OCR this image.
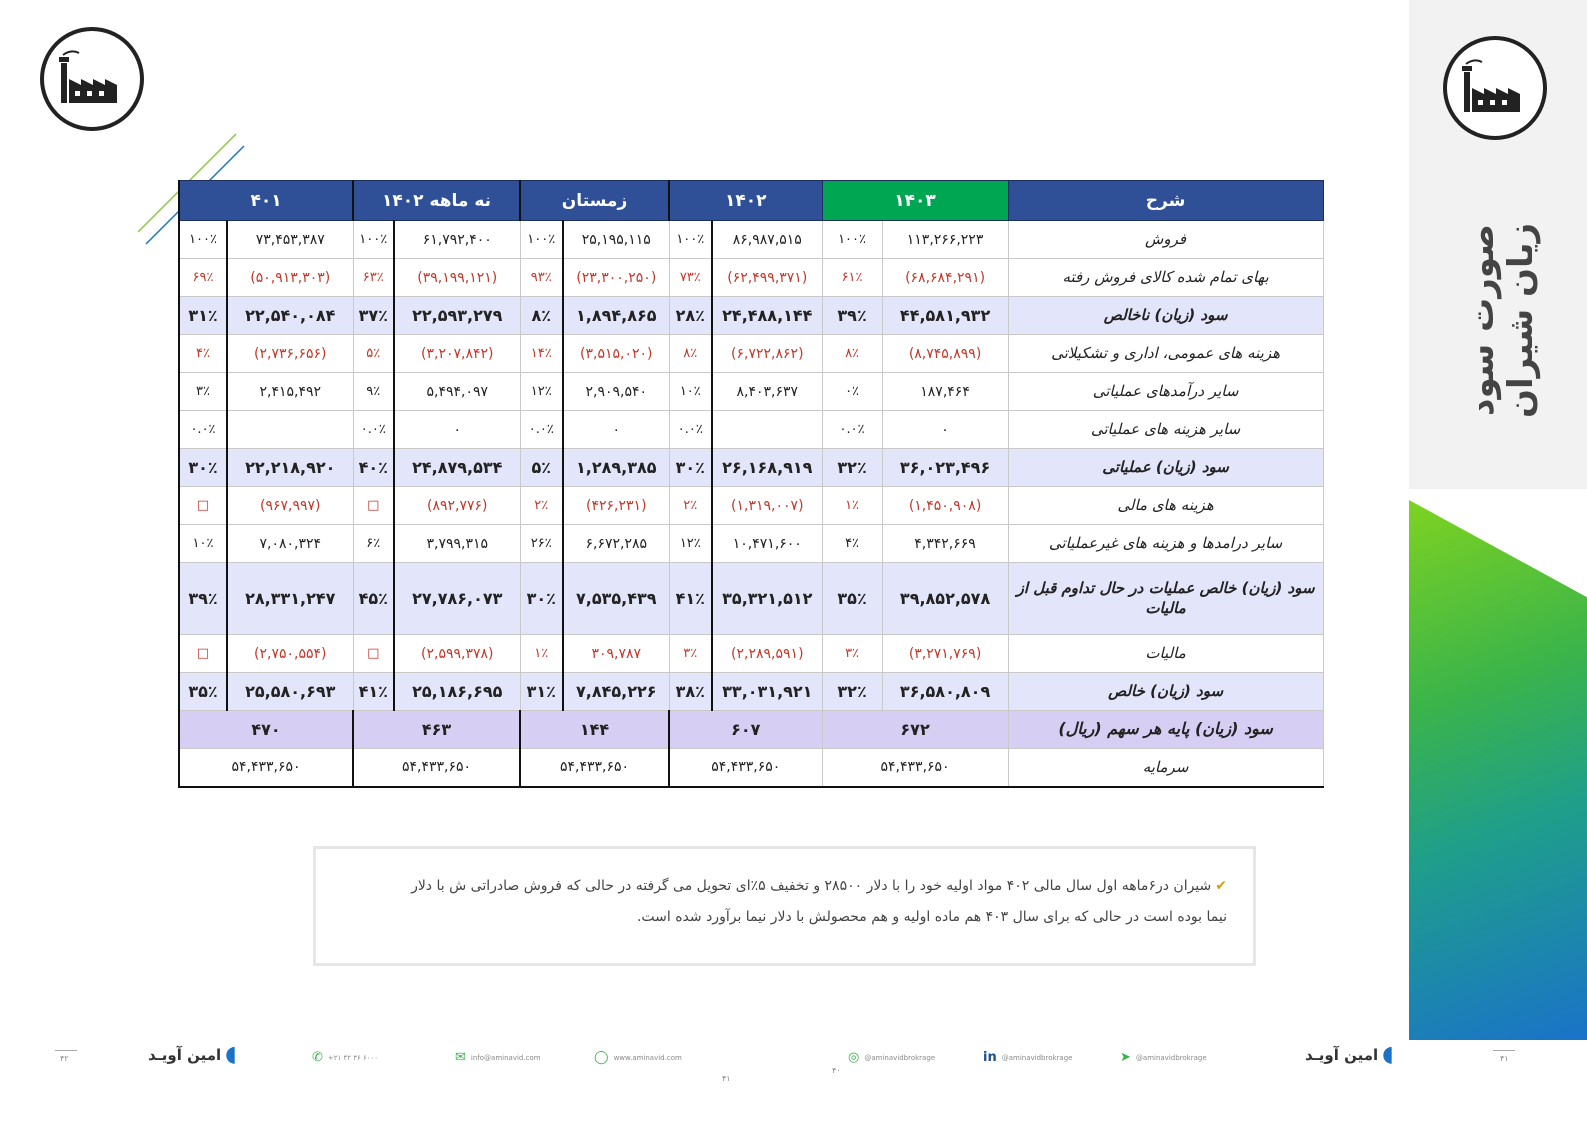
صورت سود زیان شیران
شرح	۱۴۰۳		۱۴۰۲		زمستان		نه ماهه ۱۴۰۲		۴۰۱	
فروش	۱۱۳,۲۶۶,۲۲۳	۱۰۰٪	۸۶,۹۸۷,۵۱۵	۱۰۰٪	۲۵,۱۹۵,۱۱۵	۱۰۰٪	۶۱,۷۹۲,۴۰۰	۱۰۰٪	۷۳,۴۵۳,۳۸۷	۱۰۰٪
بهای تمام شده کالای فروش رفته	(۶۸,۶۸۴,۲۹۱)	۶۱٪	(۶۲,۴۹۹,۳۷۱)	۷۳٪	(۲۳,۳۰۰,۲۵۰)	۹۳٪	(۳۹,۱۹۹,۱۲۱)	۶۳٪	(۵۰,۹۱۳,۳۰۳)	۶۹٪
سود (زیان) ناخالص	۴۴,۵۸۱,۹۳۲	۳۹٪	۲۴,۴۸۸,۱۴۴	۲۸٪	۱,۸۹۴,۸۶۵	۸٪	۲۲,۵۹۳,۲۷۹	۳۷٪	۲۲,۵۴۰,۰۸۴	۳۱٪
هزینه های عمومی، اداری و تشکیلاتی	(۸,۷۴۵,۸۹۹)	۸٪	(۶,۷۲۲,۸۶۲)	۸٪	(۳,۵۱۵,۰۲۰)	۱۴٪	(۳,۲۰۷,۸۴۲)	۵٪	(۲,۷۳۶,۶۵۶)	۴٪
سایر درآمدهای عملیاتی	۱۸۷,۴۶۴	۰٪	۸,۴۰۳,۶۳۷	۱۰٪	۲,۹۰۹,۵۴۰	۱۲٪	۵,۴۹۴,۰۹۷	۹٪	۲,۴۱۵,۴۹۲	۳٪
سایر هزینه های عملیاتی	۰	۰.۰٪		۰.۰٪	۰	۰.۰٪	۰	۰.۰٪		۰.۰٪
سود (زیان) عملیاتی	۳۶,۰۲۳,۴۹۶	۳۲٪	۲۶,۱۶۸,۹۱۹	۳۰٪	۱,۲۸۹,۳۸۵	۵٪	۲۴,۸۷۹,۵۳۴	۴۰٪	۲۲,۲۱۸,۹۲۰	۳۰٪
هزینه های مالی	(۱,۴۵۰,۹۰۸)	۱٪	(۱,۳۱۹,۰۰۷)	۲٪	(۴۲۶,۲۳۱)	۲٪	(۸۹۲,۷۷۶)	□	(۹۶۷,۹۹۷)	□
سایر درامدها و هزینه های غیرعملیاتی	۴,۳۴۲,۶۶۹	۴٪	۱۰,۴۷۱,۶۰۰	۱۲٪	۶,۶۷۲,۲۸۵	۲۶٪	۳,۷۹۹,۳۱۵	۶٪	۷,۰۸۰,۳۲۴	۱۰٪
سود (زیان) خالص عملیات در حال تداوم قبل از مالیات	۳۹,۸۵۲,۵۷۸	۳۵٪	۳۵,۳۲۱,۵۱۲	۴۱٪	۷,۵۳۵,۴۳۹	۳۰٪	۲۷,۷۸۶,۰۷۳	۴۵٪	۲۸,۳۳۱,۲۴۷	۳۹٪
مالیات	(۳,۲۷۱,۷۶۹)	۳٪	(۲,۲۸۹,۵۹۱)	۳٪	۳۰۹,۷۸۷	۱٪	(۲,۵۹۹,۳۷۸)	□	(۲,۷۵۰,۵۵۴)	□
سود (زیان) خالص	۳۶,۵۸۰,۸۰۹	۳۲٪	۳۳,۰۳۱,۹۲۱	۳۸٪	۷,۸۴۵,۲۲۶	۳۱٪	۲۵,۱۸۶,۶۹۵	۴۱٪	۲۵,۵۸۰,۶۹۳	۳۵٪
سود (زیان) پایه هر سهم (ریال)	۶۷۲		۶۰۷		۱۴۴		۴۶۳		۴۷۰	
سرمایه	۵۴,۴۳۳,۶۵۰		۵۴,۴۳۳,۶۵۰		۵۴,۴۳۳,۶۵۰		۵۴,۴۳۳,۶۵۰		۵۴,۴۳۳,۶۵۰	

✔شیران در۶ماهه اول سال مالی ۴۰۲ مواد اولیه خود را با دلار ۲۸۵۰۰ و تخفیف ۵٪ای تحویل می گرفته در حالی که فروش صادراتی ش با دلار

نیما بوده است در حالی که برای سال ۴۰۳ هم ماده اولیه و هم محصولش با دلار نیما برآورد شده است.

۴۲	◖
امین آویـد	✆ +۲۱ ۴۲ ۳۶ ۶۰۰۰	✉ info@aminavid.com	◯ www.aminavid.com
۴۱
۴۰
◎ @aminavidbrokrage	in @aminavidbrokrage	➤ @aminavidbrokrage	◖
امین آویـد	۴۱
